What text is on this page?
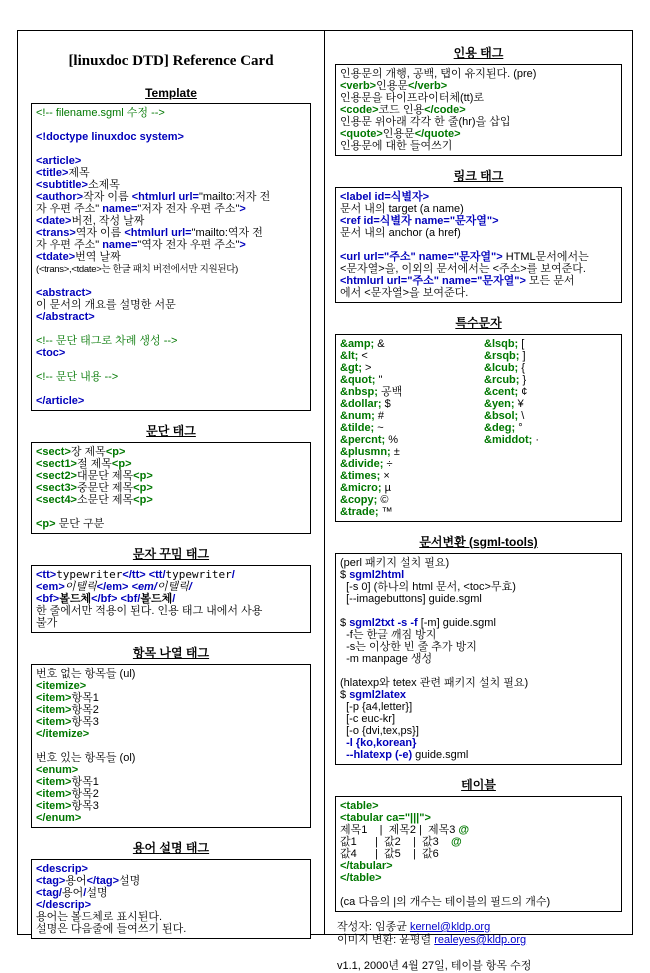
[linuxdoc DTD] Reference Card
Template
<!-- filename.sgml 수정 -->

<!doctype linuxdoc system>

<article>
<title>제목
<subtitle>소제목
<author>작자 이름 <htmlurl url="mailto:저자 전
자 우편 주소" name="저자 전자 우편 주소">
<date>버전, 작성 날짜
<trans>역자 이름 <htmlurl url="mailto:역자 전
자 우편 주소" name="역자 전자 우편 주소">
<tdate>번역 날짜
(<trans>,<tdate>는 한글 패치 버전에서만 지원된다)

<abstract>
이 문서의 개요를 설명한 서문
</abstract>

<!-- 문단 태그로 차례 생성 -->
<toc>

<!-- 문단 내용 -->

</article>
문단 태그
<sect>장 제목<p>
<sect1>절 제목<p>
<sect2>대문단 제목<p>
<sect3>중문단 제목<p>
<sect4>소문단 제목<p>

<p> 문단 구분
문자 꾸밈 태그
<tt>typewriter</tt> <tt/typewriter/
<em>이탤릭</em> <em/이탤릭/
<bf>볼드체</bf> <bf/볼드체/
한 줄에서만 적용이 된다. 인용 태그 내에서 사용
불가
항목 나열 태그
번호 없는 항목들 (ul)
<itemize>
<item>항목1
<item>항목2
<item>항목3
</itemize>

번호 있는 항목들 (ol)
<enum>
<item>항목1
<item>항목2
<item>항목3
</enum>
용어 설명 태그
<descrip>
<tag>용어</tag>설명
<tag/용어/설명
</descrip>
용어는 볼드체로 표시된다.
설명은 다음줄에 들여쓰기 된다.
인용 태그
인용문의 개행, 공백, 탭이 유지된다. (pre)
<verb>인용문</verb>
인용문을 타이프라이터체(tt)로
<code>코드 인용</code>
인용문 위아래 각각 한 줄(hr)을 삽입
<quote>인용문</quote>
인용문에 대한 들여쓰기
링크 태그
<label id=식별자>
문서 내의 target (a name)
<ref id=식별자 name="문자열">
문서 내의 anchor (a href)

<url url="주소" name="문자열"> HTML문서에서는
<문자열>을, 이외의 문서에서는 <주소>를 보여준다.
<htmlurl url="주소" name="문자열"> 모든 문서
에서 <문자열>을 보여준다.
특수문자
&amp; &
&lt; <
&gt; >
&quot; "
&nbsp; 공백
&dollar; $
&num; #
&tilde; ~
&percnt; %
&plusmn; ±
&divide; ÷
&times; ×
&micro; µ
&copy; ©
&trade; ™
&lsqb; [
&rsqb; ]
&lcub; {
&rcub; }
&cent; ¢
&yen; ¥
&bsol; \
&deg; °
&middot; ·
문서변환 (sgml-tools)
(perl 패키지 설치 필요)
$ sgml2html
[-s 0] (하나의 html 문서, <toc>무효)
[--imagebuttons] guide.sgml

$ sgml2txt -s -f [-m] guide.sgml
-f는 한글 깨짐 방지
-s는 이상한 빈 줄 추가 방지
-m manpage 생성

(hlatexp와 tetex 관련 패키지 설치 필요)
$ sgml2latex
[-p {a4,letter}]
[-c euc-kr]
[-o {dvi,tex,ps}]
-l {ko,korean}
--hlatexp (-e) guide.sgml
테이블
<table>
<tabular ca="|||">
제목1    |  제목2 |  제목3 @
값1      |  값2    |  값3    @
값4      |  값5    |  값6
</tabular>
</table>

(ca 다음의 |의 개수는 테이블의 필드의 개수)
작성자: 임종균 kernel@kldp.org
이미지 변환: 윤평렬 realeyes@kldp.org

v1.1, 2000년 4월 27일, 테이블 항목 수정
